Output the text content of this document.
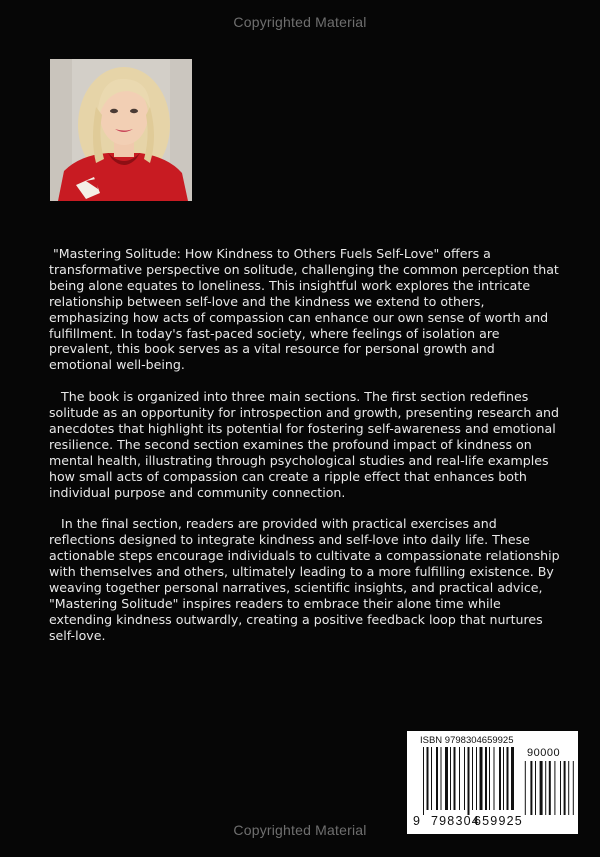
Copyrighted Material

"Mastering Solitude: How Kindness to Others Fuels Self-Love" offers a transformative perspective on solitude, challenging the common perception that being alone equates to loneliness. This insightful work explores the intricate relationship between self-love and the kindness we extend to others, emphasizing how acts of compassion can enhance our own sense of worth and fulfillment. In today's fast-paced society, where feelings of isolation are prevalent, this book serves as a vital resource for personal growth and emotional well-being.

The book is organized into three main sections. The first section redefines solitude as an opportunity for introspection and growth, presenting research and anecdotes that highlight its potential for fostering self-awareness and emotional resilience. The second section examines the profound impact of kindness on mental health, illustrating through psychological studies and real-life examples how small acts of compassion can create a ripple effect that enhances both individual purpose and community connection.

In the final section, readers are provided with practical exercises and reflections designed to integrate kindness and self-love into daily life. These actionable steps encourage individuals to cultivate a compassionate relationship with themselves and others, ultimately leading to a more fulfilling existence. By weaving together personal narratives, scientific insights, and practical advice, "Mastering Solitude" inspires readers to embrace their alone time while extending kindness outwardly, creating a positive feedback loop that nurtures self-love.

ISBN 9798304659925
90000
9 798304
659925
Copyrighted Material
